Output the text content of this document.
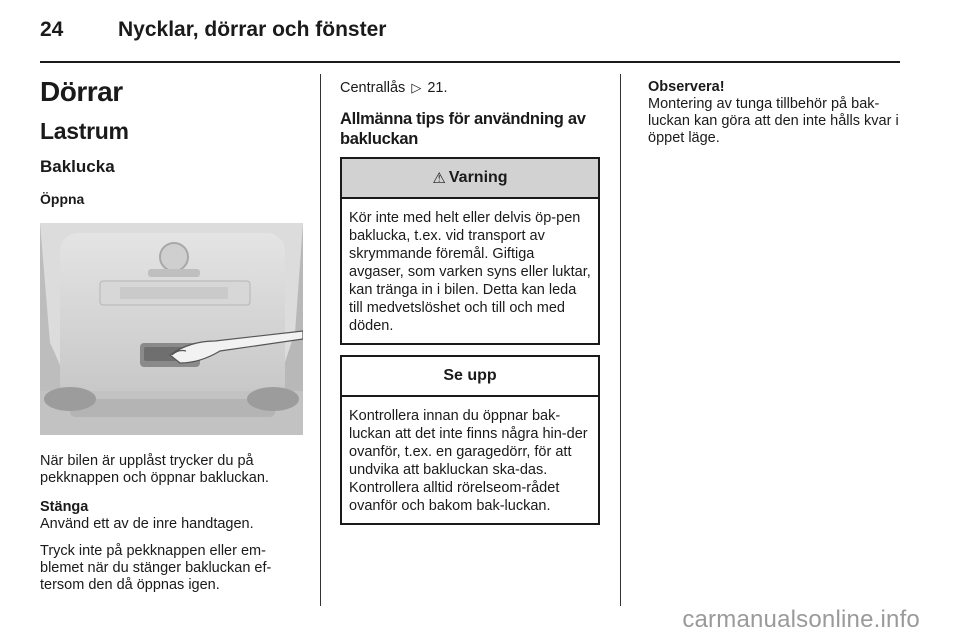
24	Nycklar, dörrar och fönster
Dörrar
Lastrum
Baklucka
Öppna

När bilen är upplåst trycker du på pekknappen och öppnar bakluckan.

Stänga

Använd ett av de inre handtagen.

Tryck inte på pekknappen eller em-blemet när du stänger bakluckan ef-tersom den då öppnas igen.

Centrallås ▷ 21.

Allmänna tips för användning av bakluckan
⚠ Varning
Kör inte med helt eller delvis öp-pen baklucka, t.ex. vid transport av skrymmande föremål. Giftiga avgaser, som varken syns eller luktar, kan tränga in i bilen. Detta kan leda till medvetslöshet och till och med döden.
Se upp
Kontrollera innan du öppnar bak-luckan att det inte finns några hin-der ovanför, t.ex. en garagedörr, för att undvika att bakluckan ska-das. Kontrollera alltid rörelseom-rådet ovanför och bakom bak-luckan.

Observera!

Montering av tunga tillbehör på bak-luckan kan göra att den inte hålls kvar i öppet läge.

carmanualsonline.info
